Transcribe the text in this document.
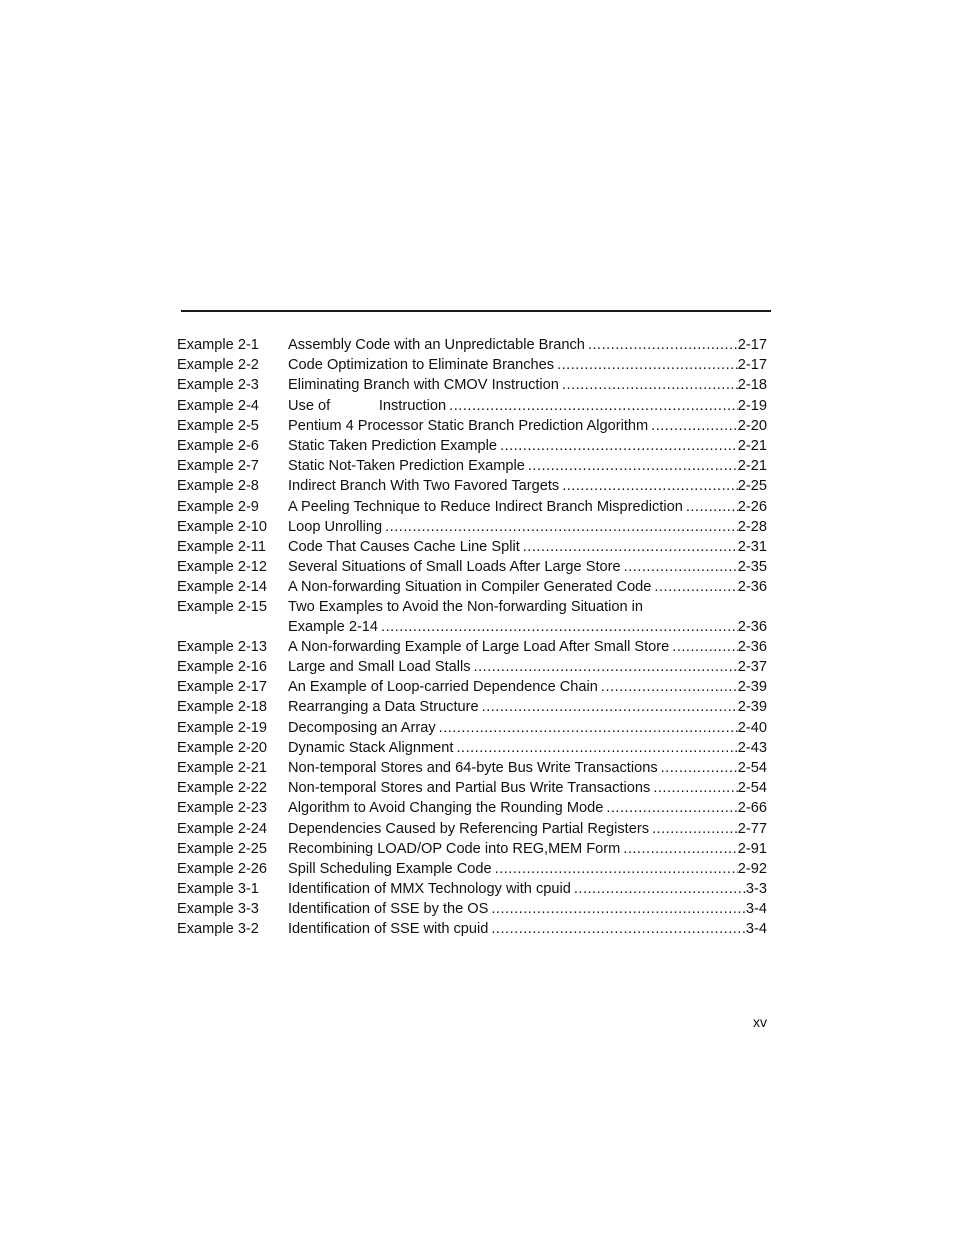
Example 2-1	Assembly Code with an Unpredictable Branch .....	2-17
Example 2-2	Code Optimization to Eliminate Branches .....	2-17
Example 2-3	Eliminating Branch with CMOV Instruction .....	2-18
Example 2-4	Use of            Instruction .....	2-19
Example 2-5	Pentium 4 Processor Static Branch Prediction Algorithm .....	2-20
Example 2-6	Static Taken Prediction Example .....	2-21
Example 2-7	Static Not-Taken Prediction Example .....	2-21
Example 2-8	Indirect Branch With Two Favored Targets .....	2-25
Example 2-9	A Peeling Technique to Reduce Indirect Branch Misprediction .....	2-26
Example 2-10	Loop Unrolling .....	2-28
Example 2-11	Code That Causes Cache Line Split .....	2-31
Example 2-12	Several Situations of Small Loads After Large Store .....	2-35
Example 2-14	A Non-forwarding Situation in Compiler Generated Code .....	2-36
Example 2-15	Two Examples to Avoid the Non-forwarding Situation in
Example 2-14 .....	2-36
Example 2-13	A Non-forwarding Example of Large Load After Small Store .....	2-36
Example 2-16	Large and Small Load Stalls .....	2-37
Example 2-17	An Example of Loop-carried Dependence Chain .....	2-39
Example 2-18	Rearranging a Data Structure .....	2-39
Example 2-19	Decomposing an Array .....	2-40
Example 2-20	Dynamic Stack Alignment .....	2-43
Example 2-21	Non-temporal Stores and 64-byte Bus Write Transactions .....	2-54
Example 2-22	Non-temporal Stores and Partial Bus Write Transactions .....	2-54
Example 2-23	Algorithm to Avoid Changing the Rounding Mode .....	2-66
Example 2-24	Dependencies Caused by Referencing Partial Registers .....	2-77
Example 2-25	Recombining LOAD/OP Code into REG,MEM Form .....	2-91
Example 2-26	Spill Scheduling Example Code .....	2-92
Example 3-1	Identification of MMX Technology with cpuid .....	3-3
Example 3-3	Identification of SSE by the OS .....	3-4
Example 3-2	Identification of SSE with cpuid .....	3-4
xv
